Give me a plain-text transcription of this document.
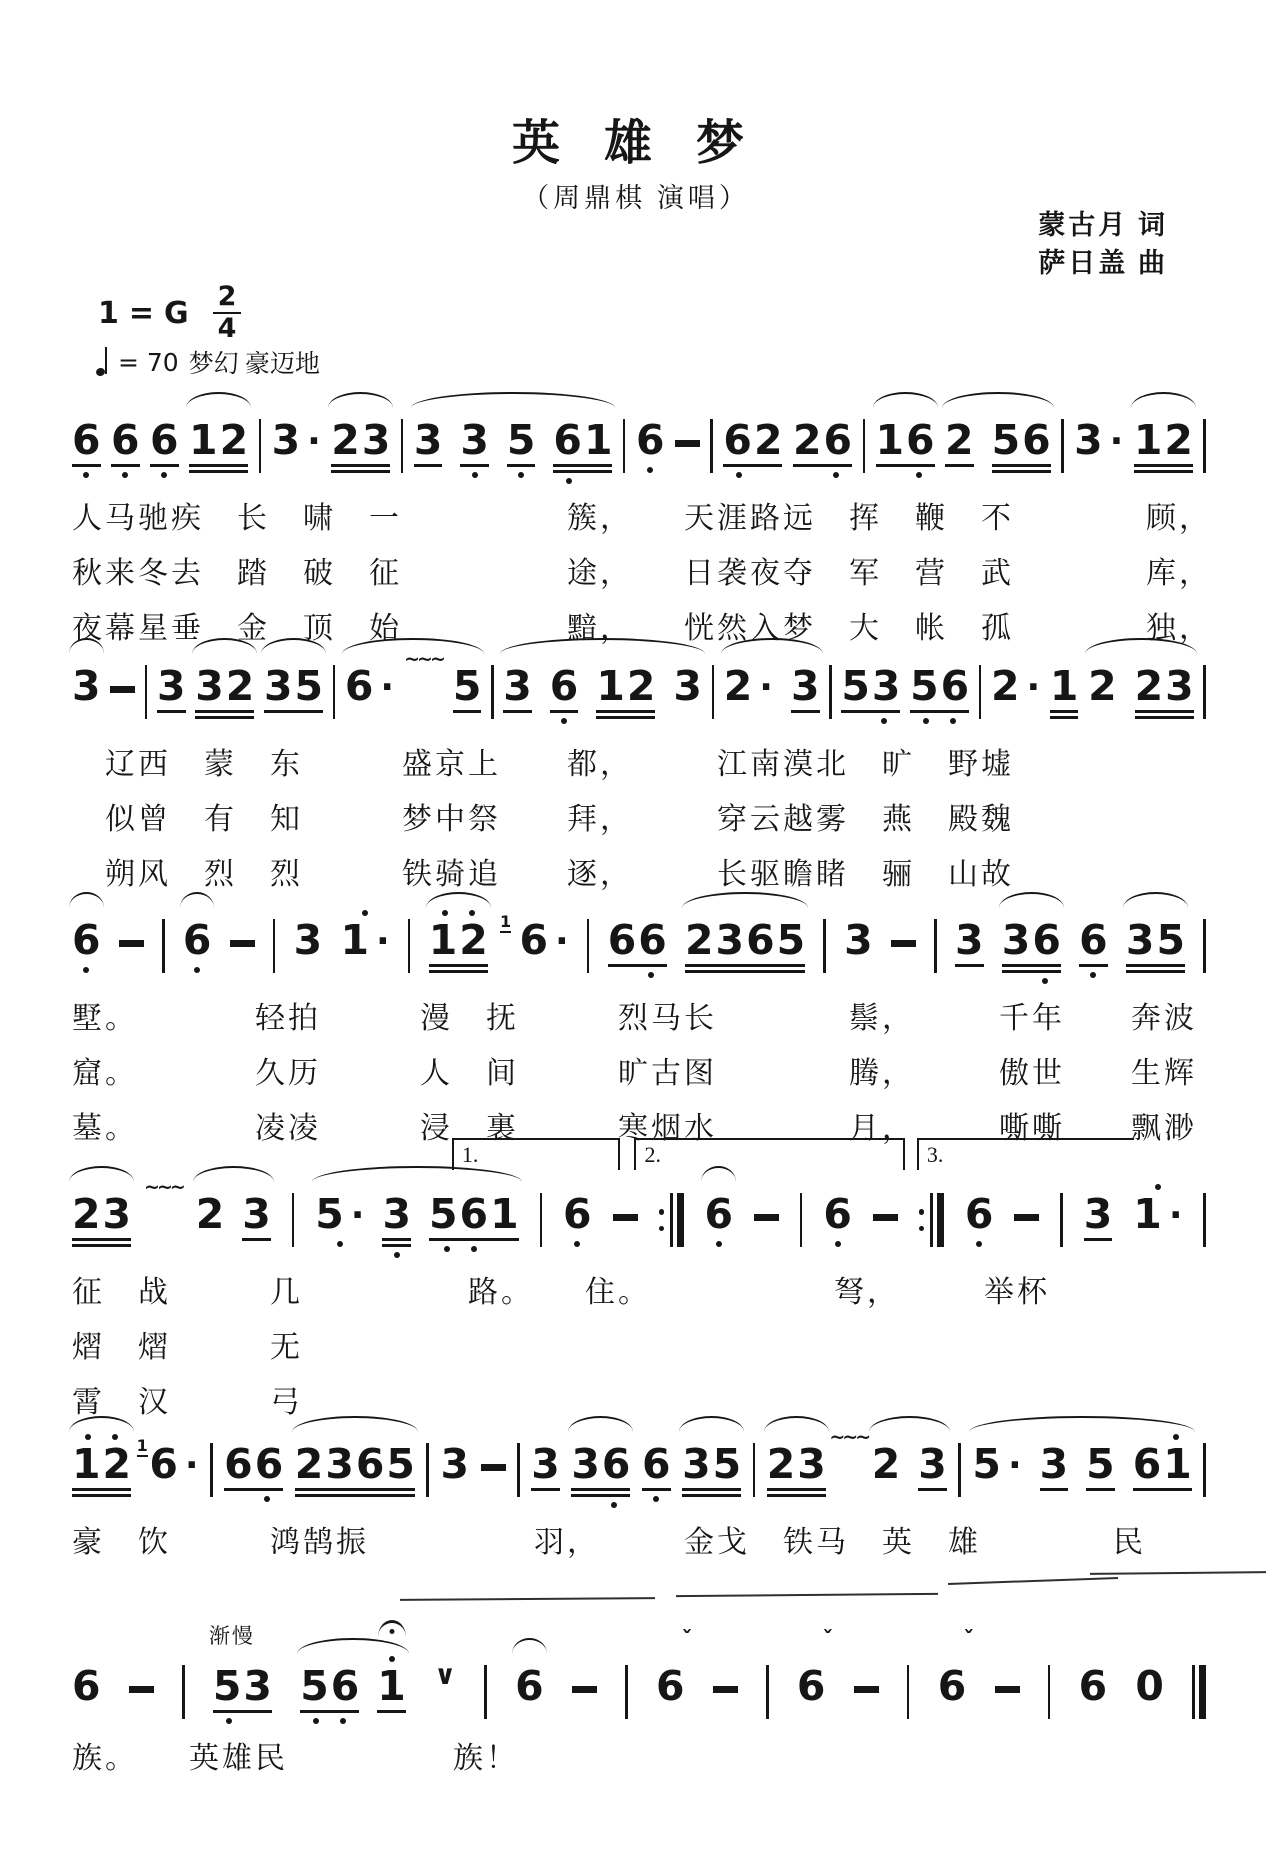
英 雄 梦
（周鼎棋 演唱）
蒙古月 词
萨日盖 曲
1 = G $\frac{2}{4}$
= 70 梦幻 豪迈地
6 6 6 1 2 3 · 2 3 3 3 5 6 1 6 6 2 2 6 1 6 2 5 6 3 · 1 2
人马驰疾　长　啸　一　　　　　簇，　　天涯路远　挥　鞭　不　　　　顾，
秋来冬去　踏　破　征　　　　　途，　　日袭夜夺　军　营　武　　　　库，
夜幕星垂　金　顶　始　　　　　黯，　　恍然入梦　大　帐　孤　　　　独，
3 3 3 2 3 5 6 ·
~~~
5 3 6 1 2 3 2 · 3 5 3 5 6 2 · 1 2 2 3
　辽西　蒙　东　　　盛京上　　都，　　　江南漠北　旷　野墟
　似曾　有　知　　　梦中祭　　拜，　　　穿云越雾　燕　殿魏
　朔风　烈　烈　　　铁骑追　　逐，　　　长驱瞻睹　骊　山故
6 6 3 1 · 1 2 1 6 · 6 6 2 3 6 5 3 3 3 6 6 3 5
墅。　　　　轻拍　　　漫　抚　　　烈马长　　　　鬃，　　　千年　　奔波
窟。　　　　久历　　　人　间　　　旷古图　　　　腾，　　　傲世　　生辉
墓。　　　　凌凌　　　浸　裏　　　寒烟水　　　　月，　　　嘶嘶　　飘渺
1.	2.	3.
2 3
~~~
2 3 5 · 3 5 6 1 6	6 6	6 3 1 ·
征　战　　　几　　　　　路。　　住。　　　　　　弩，　　　举杯
熠　熠　　　无
霄　汉　　　弓
1 2 1 6 · 6 6 2 3 6 5 3 3 3 6 6 3 5 2 3
~~~
2 3 5 · 3 5 6 1
豪　饮　　　鸿鹄振　　　　　羽，　　　金戈　铁马　英　雄　　　　民
6	5 3
渐慢
5 6 1 ∨ 6	6
ˇ
6
ˇ
6
ˇ
6 0
族。　　英雄民　　　　　族！
